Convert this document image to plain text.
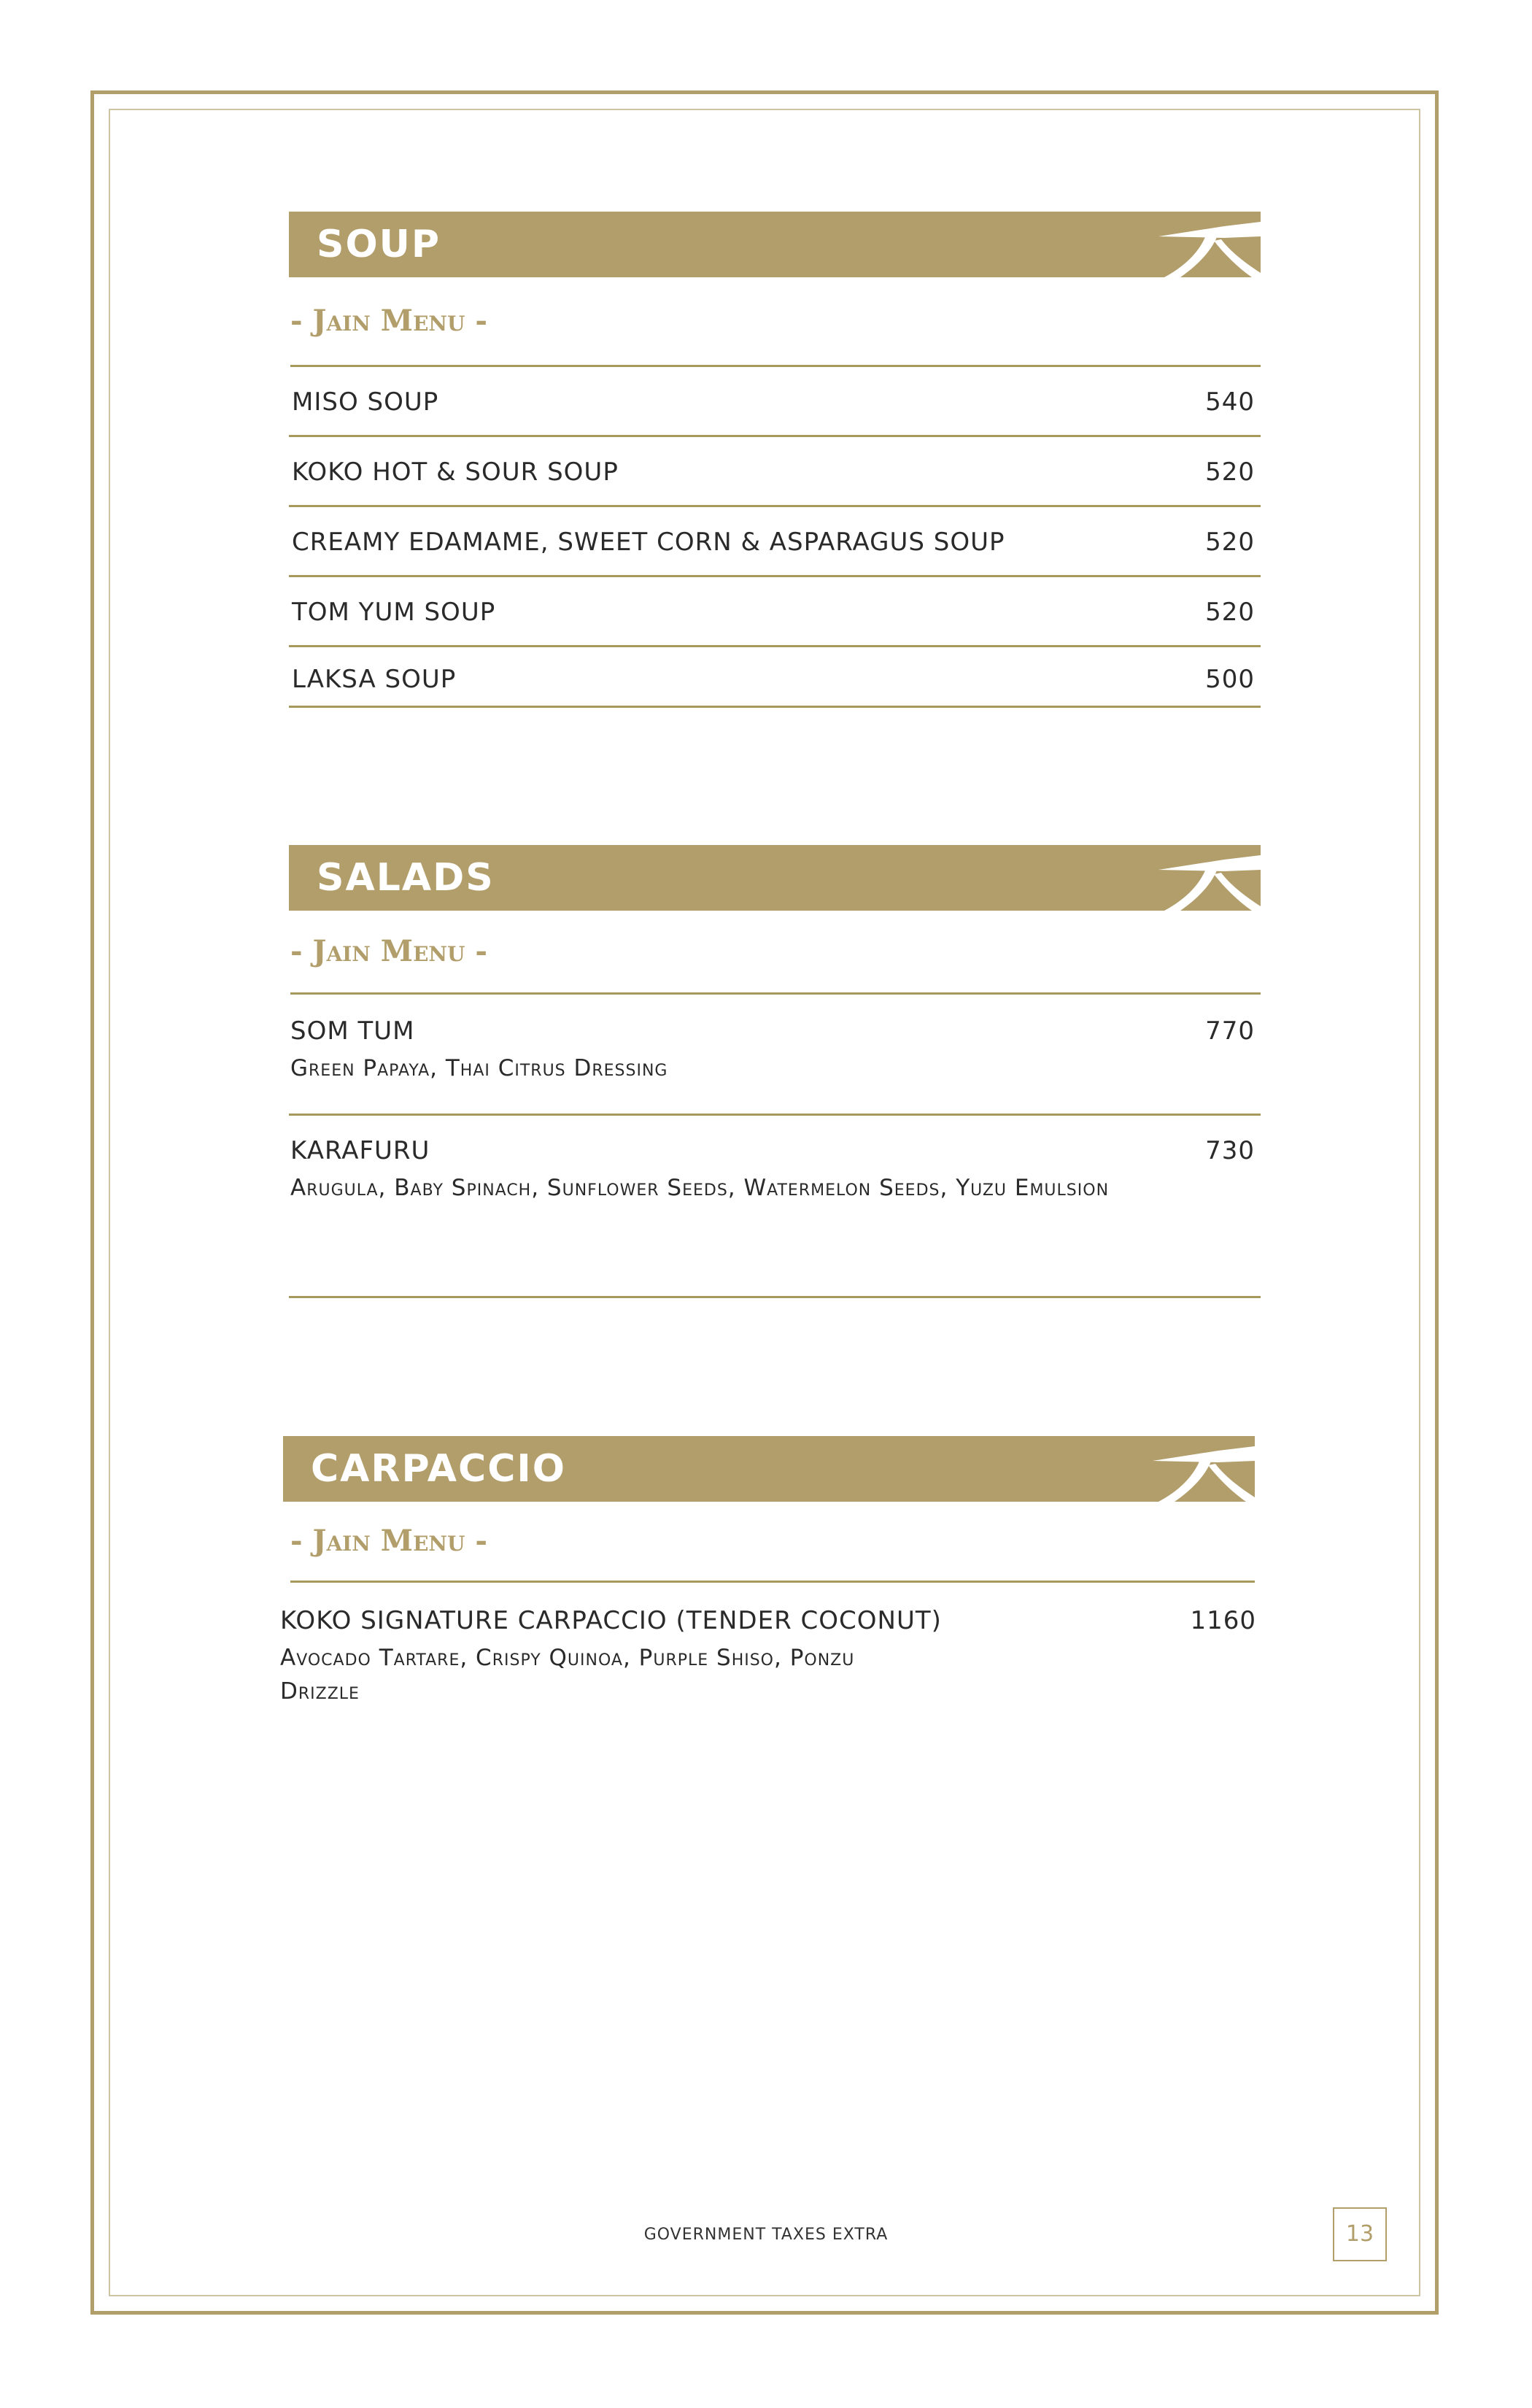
SOUP
- Jain Menu -
MISO SOUP	540
KOKO HOT & SOUR SOUP	520
CREAMY EDAMAME, SWEET CORN & ASPARAGUS SOUP	520
TOM YUM SOUP	520
LAKSA SOUP	500
SALADS
- Jain Menu -
SOM TUM	770
Green Papaya, Thai Citrus Dressing
KARAFURU	730
Arugula, Baby Spinach, Sunflower Seeds, Watermelon Seeds, Yuzu Emulsion
CARPACCIO
- Jain Menu -
KOKO SIGNATURE CARPACCIO (TENDER COCONUT)	1160
Avocado Tartare, Crispy Quinoa, Purple Shiso, Ponzu Drizzle
GOVERNMENT TAXES EXTRA	13
